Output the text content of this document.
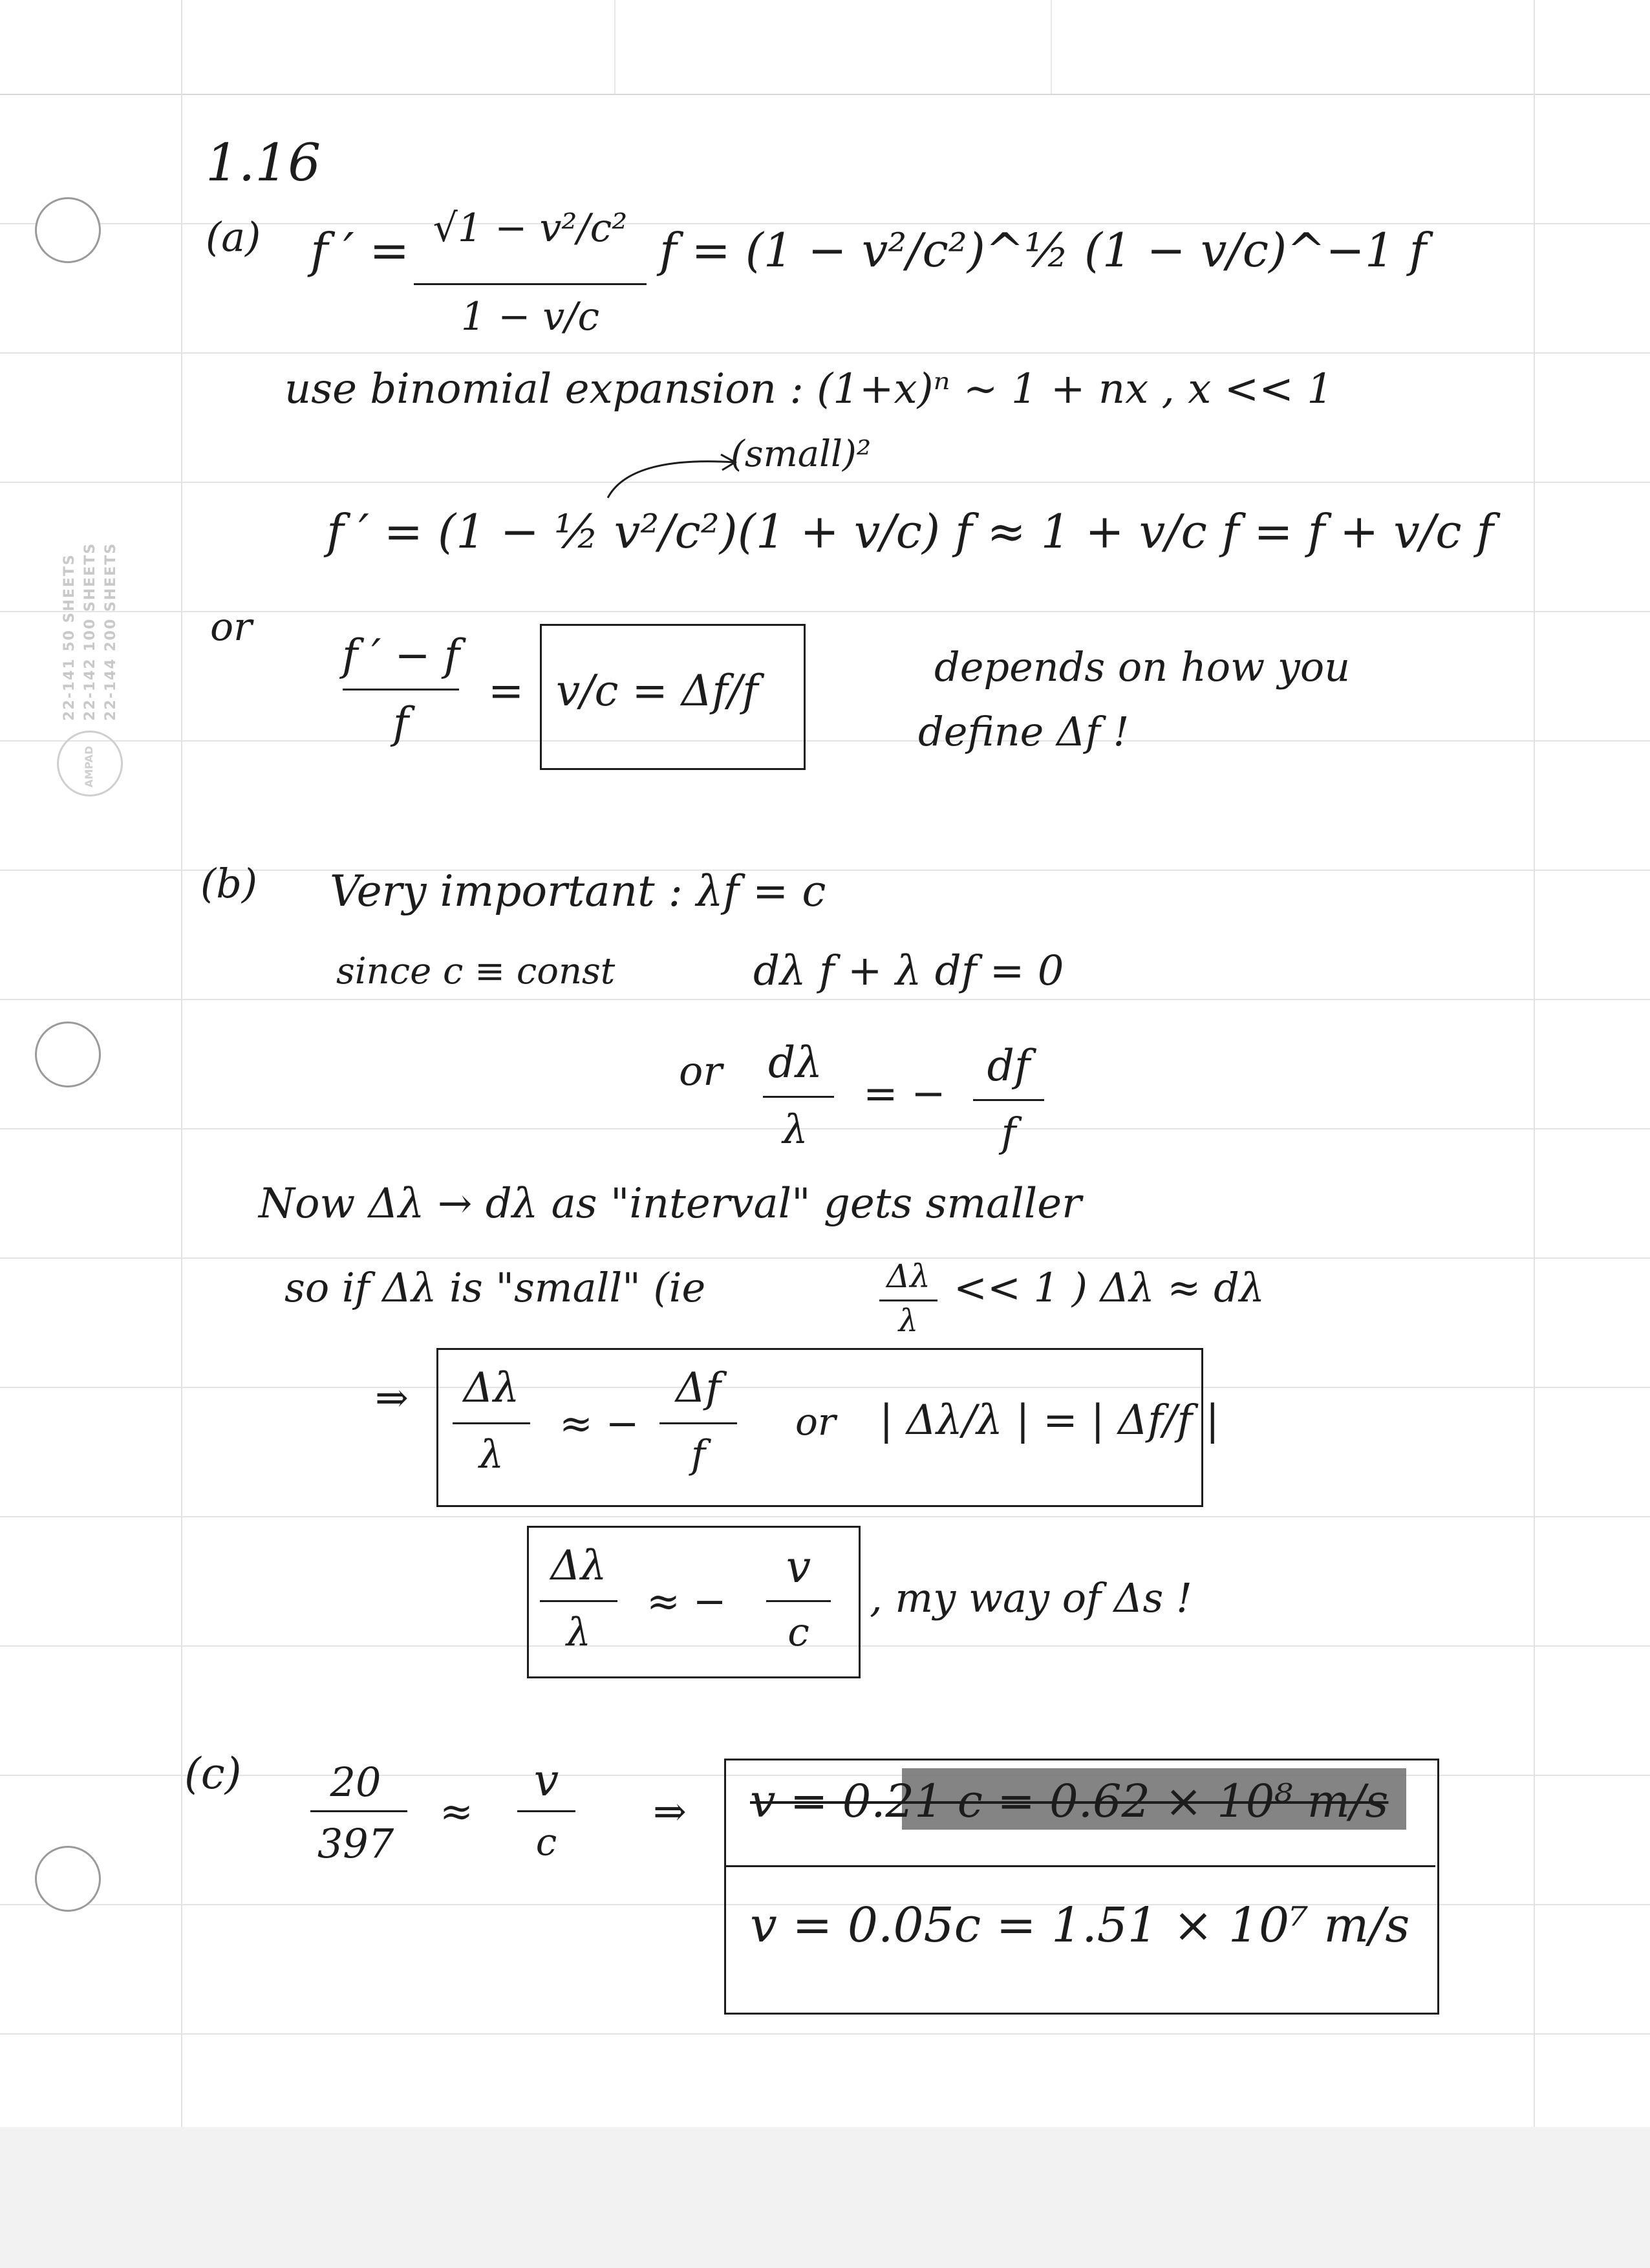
22-141 50 SHEETS 22-142 100 SHEETS 22-144 200 SHEETS
AMPAD
1.16
(a) f ′ = √1 − v²/c²
1 − v/c
f = (1 − v²/c²)^½ (1 − v/c)^−1 f
use binomial expansion : (1+x)ⁿ ~ 1 + nx , x << 1
(small)²
f ′ = (1 − ½ v²/c²)(1 + v/c) f ≈ 1 + v/c f = f + v/c f
or
f ′ − f
f
= v/c = Δf/f	depends on how you
define Δf !
(b) Very important : λf = c
since c ≡ const	dλ f + λ df = 0
or dλ
λ
= −
df
f
Now Δλ → dλ as "interval" gets smaller
so if Δλ is "small" (ie	Δλ
λ
<< 1 ) Δλ ≈ dλ
⇒	Δλ
λ
≈ −
Δf
f
or | Δλ/λ | = | Δf/f |
Δλ
λ
≈ −
v
c
, my way of Δs !
(c)	20
397
≈
v
c
⇒ v = 0.21 c = 0.62 × 10⁸ m/s
v = 0.05c = 1.51 × 10⁷ m/s
